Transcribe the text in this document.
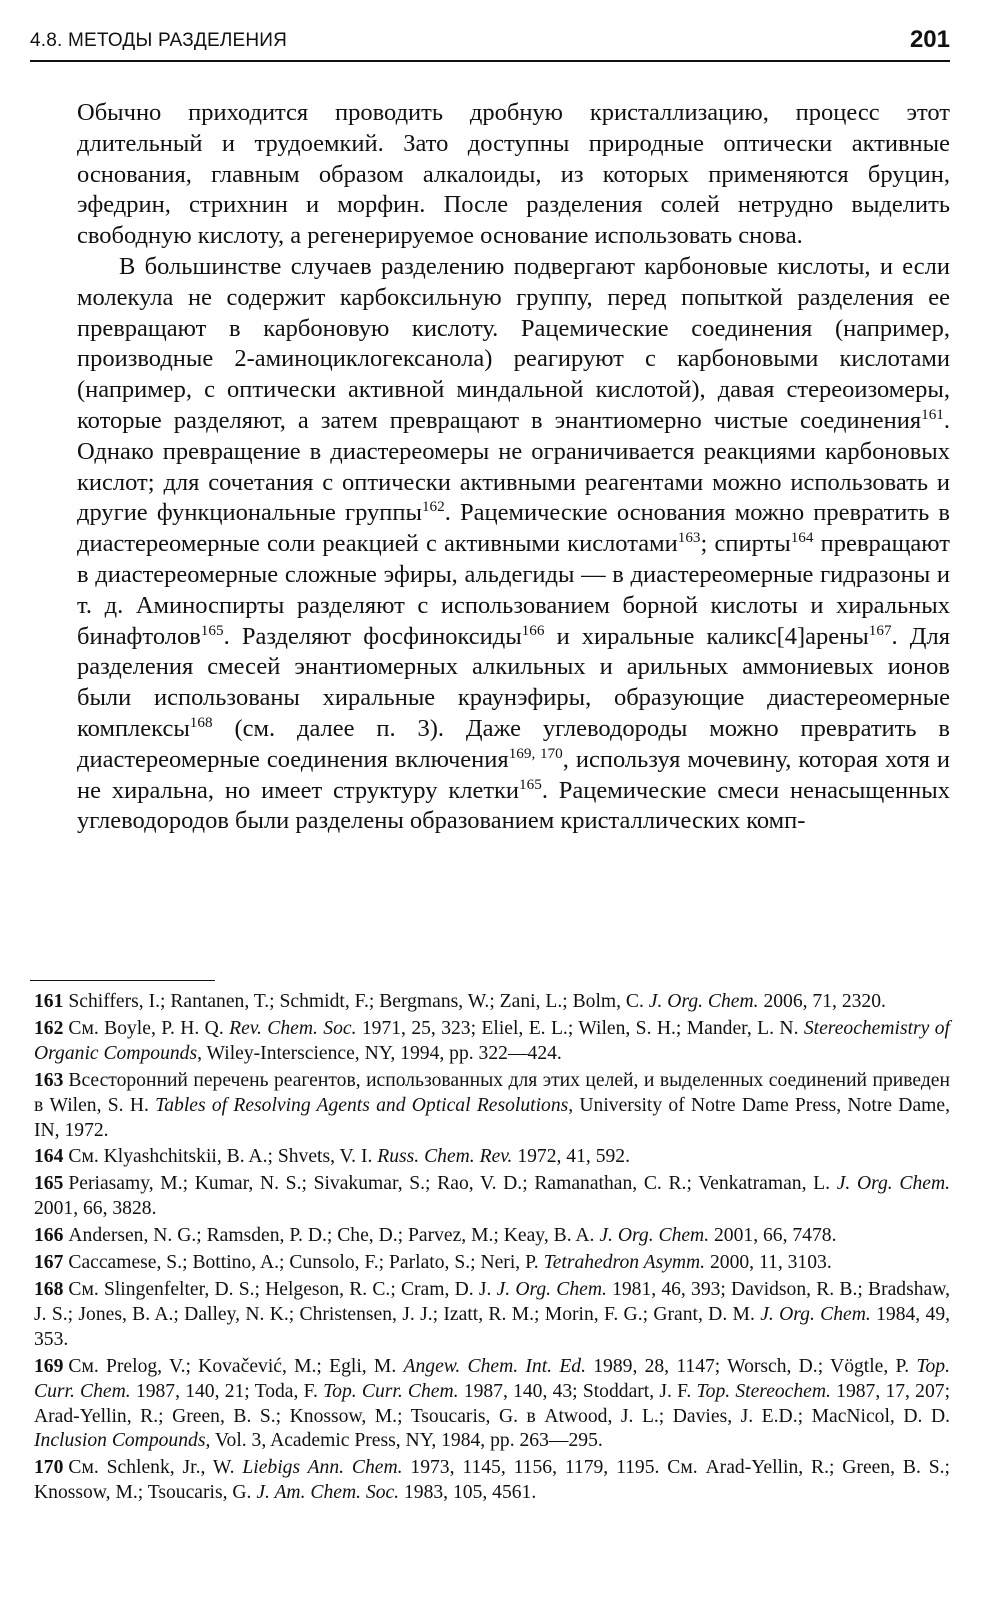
4.8. МЕТОДЫ РАЗДЕЛЕНИЯ	201

Обычно приходится проводить дробную кристаллизацию, процесс этот длительный и трудоемкий. Зато доступны природные оптически активные основания, главным образом алкалоиды, из которых применяются бруцин, эфедрин, стрихнин и морфин. После разделения солей нетрудно выделить свободную кислоту, а регенерируемое основание использовать снова.

В большинстве случаев разделению подвергают карбоновые кислоты, и если молекула не содержит карбоксильную группу, перед попыткой разделения ее превращают в карбоновую кислоту. Рацемические соединения (например, производные 2-аминоциклогексанола) реагируют с карбоновыми кислотами (например, с оптически активной миндальной кислотой), давая стереоизомеры, которые разделяют, а затем превращают в энантиомерно чистые соединения$^{161}$. Однако превращение в диастереомеры не ограничивается реакциями карбоновых кислот; для сочетания с оптически активными реагентами можно использовать и другие функциональные группы$^{162}$. Рацемические основания можно превратить в диастереомерные соли реакцией с активными кислотами$^{163}$; спирты$^{164}$ превращают в диастереомерные сложные эфиры, альдегиды — в диастереомерные гидразоны и т. д. Аминоспирты разделяют с использованием борной кислоты и хиральных бинафтолов$^{165}$. Разделяют фосфиноксиды$^{166}$ и хиральные каликс[4]арены$^{167}$. Для разделения смесей энантиомерных алкильных и арильных аммониевых ионов были использованы хиральные краунэфиры, образующие диастереомерные комплексы$^{168}$ (см. далее п. 3). Даже углеводороды можно превратить в диастереомерные соединения включения$^{169, 170}$, используя мочевину, которая хотя и не хиральна, но имеет структуру клетки$^{165}$. Рацемические смеси ненасыщенных углеводородов были разделены образованием кристаллических комп-

161 Schiffers, I.; Rantanen, T.; Schmidt, F.; Bergmans, W.; Zani, L.; Bolm, C. J. Org. Chem. 2006, 71, 2320.
162 См. Boyle, P. H. Q. Rev. Chem. Soc. 1971, 25, 323; Eliel, E. L.; Wilen, S. H.; Mander, L. N. Stereochemistry of Organic Compounds, Wiley-Interscience, NY, 1994, pp. 322—424.
163 Всесторонний перечень реагентов, использованных для этих целей, и выделенных соединений приведен в Wilen, S. H. Tables of Resolving Agents and Optical Resolutions, University of Notre Dame Press, Notre Dame, IN, 1972.
164 См. Klyashchitskii, B. A.; Shvets, V. I. Russ. Chem. Rev. 1972, 41, 592.
165 Periasamy, M.; Kumar, N. S.; Sivakumar, S.; Rao, V. D.; Ramanathan, C. R.; Venkatraman, L. J. Org. Chem. 2001, 66, 3828.
166 Andersen, N. G.; Ramsden, P. D.; Che, D.; Parvez, M.; Keay, B. A. J. Org. Chem. 2001, 66, 7478.
167 Caccamese, S.; Bottino, A.; Cunsolo, F.; Parlato, S.; Neri, P. Tetrahedron Asymm. 2000, 11, 3103.
168 См. Slingenfelter, D. S.; Helgeson, R. C.; Cram, D. J. J. Org. Chem. 1981, 46, 393; Davidson, R. B.; Bradshaw, J. S.; Jones, B. A.; Dalley, N. K.; Christensen, J. J.; Izatt, R. M.; Morin, F. G.; Grant, D. M. J. Org. Chem. 1984, 49, 353.
169 См. Prelog, V.; Kovačević, M.; Egli, M. Angew. Chem. Int. Ed. 1989, 28, 1147; Worsch, D.; Vögtle, P. Top. Curr. Chem. 1987, 140, 21; Toda, F. Top. Curr. Chem. 1987, 140, 43; Stoddart, J. F. Top. Stereochem. 1987, 17, 207; Arad-Yellin, R.; Green, B. S.; Knossow, M.; Tsoucaris, G. в Atwood, J. L.; Davies, J. E.D.; MacNicol, D. D. Inclusion Compounds, Vol. 3, Academic Press, NY, 1984, pp. 263—295.
170 См. Schlenk, Jr., W. Liebigs Ann. Chem. 1973, 1145, 1156, 1179, 1195. См. Arad-Yellin, R.; Green, B. S.; Knossow, M.; Tsoucaris, G. J. Am. Chem. Soc. 1983, 105, 4561.
